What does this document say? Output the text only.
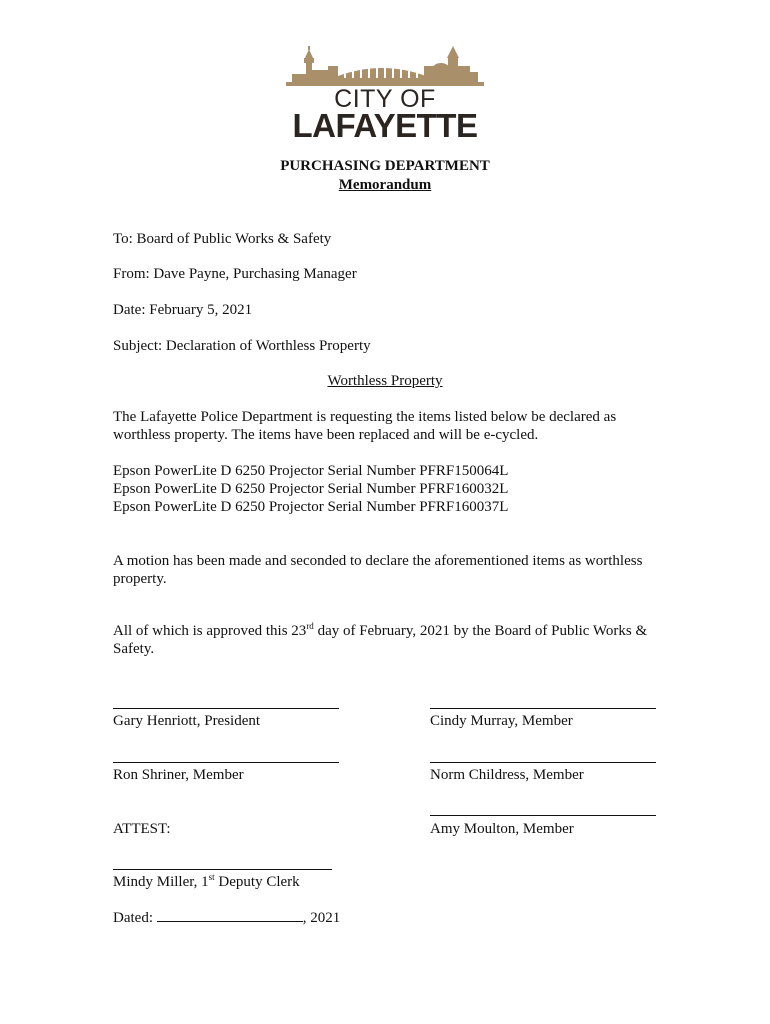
CITY OF
LAFAYETTE
PURCHASING DEPARTMENT
Memorandum
To: Board of Public Works & Safety
From: Dave Payne, Purchasing Manager
Date: February 5, 2021
Subject: Declaration of Worthless Property
Worthless Property
The Lafayette Police Department is requesting the items listed below be declared as worthless property. The items have been replaced and will be e-cycled.
Epson PowerLite D 6250 Projector Serial Number PFRF150064L
Epson PowerLite D 6250 Projector Serial Number PFRF160032L
Epson PowerLite D 6250 Projector Serial Number PFRF160037L
A motion has been made and seconded to declare the aforementioned items as worthless property.
All of which is approved this 23rd day of February, 2021 by the Board of Public Works & Safety.
Gary Henriott, President	Cindy Murray, Member
Ron Shriner, Member	Norm Childress, Member
ATTEST:	Amy Moulton, Member
Mindy Miller, 1st Deputy Clerk
Dated:	, 2021
